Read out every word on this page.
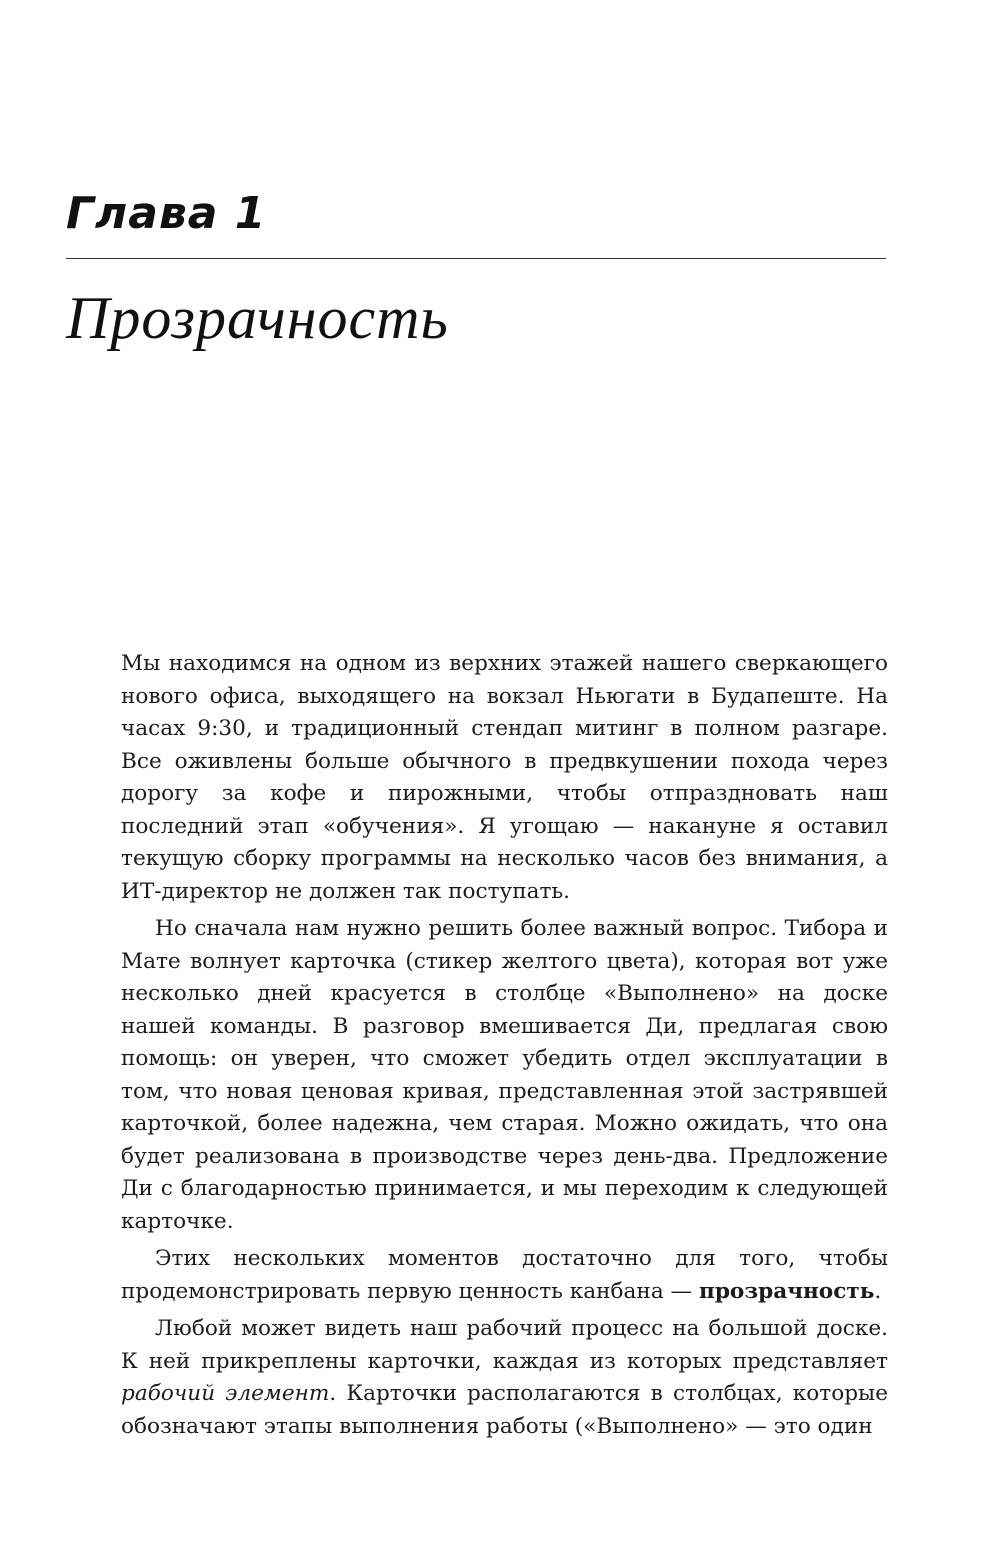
Глава 1
Прозрачность

Мы находимся на одном из верхних этажей нашего сверкающего нового офиса, выходящего на вокзал Ньюгати в Будапеште. На часах 9:30, и традиционный стендап митинг в полном разгаре. Все оживлены больше обычного в предвкушении похода через дорогу за кофе и пирожными, чтобы отпраздновать наш последний этап «обучения». Я угощаю — накануне я оставил текущую сборку программы на несколько часов без внимания, а ИТ-директор не должен так поступать.

Но сначала нам нужно решить более важный вопрос. Тибора и Мате волнует карточка (стикер желтого цвета), которая вот уже несколько дней красуется в столбце «Выполнено» на доске нашей команды. В разговор вмешивается Ди, предлагая свою помощь: он уверен, что сможет убедить отдел эксплуатации в том, что новая ценовая кривая, представленная этой застрявшей карточкой, более надежна, чем старая. Можно ожидать, что она будет реализована в производстве через день-два. Предложение Ди с благодарностью принимается, и мы переходим к следующей карточке.

Этих нескольких моментов достаточно для того, чтобы продемонстрировать первую ценность канбана — прозрачность.

Любой может видеть наш рабочий процесс на большой доске. К ней прикреплены карточки, каждая из которых представляет рабочий элемент. Карточки располагаются в столбцах, которые обозначают этапы выполнения работы («Выполнено» — это один
